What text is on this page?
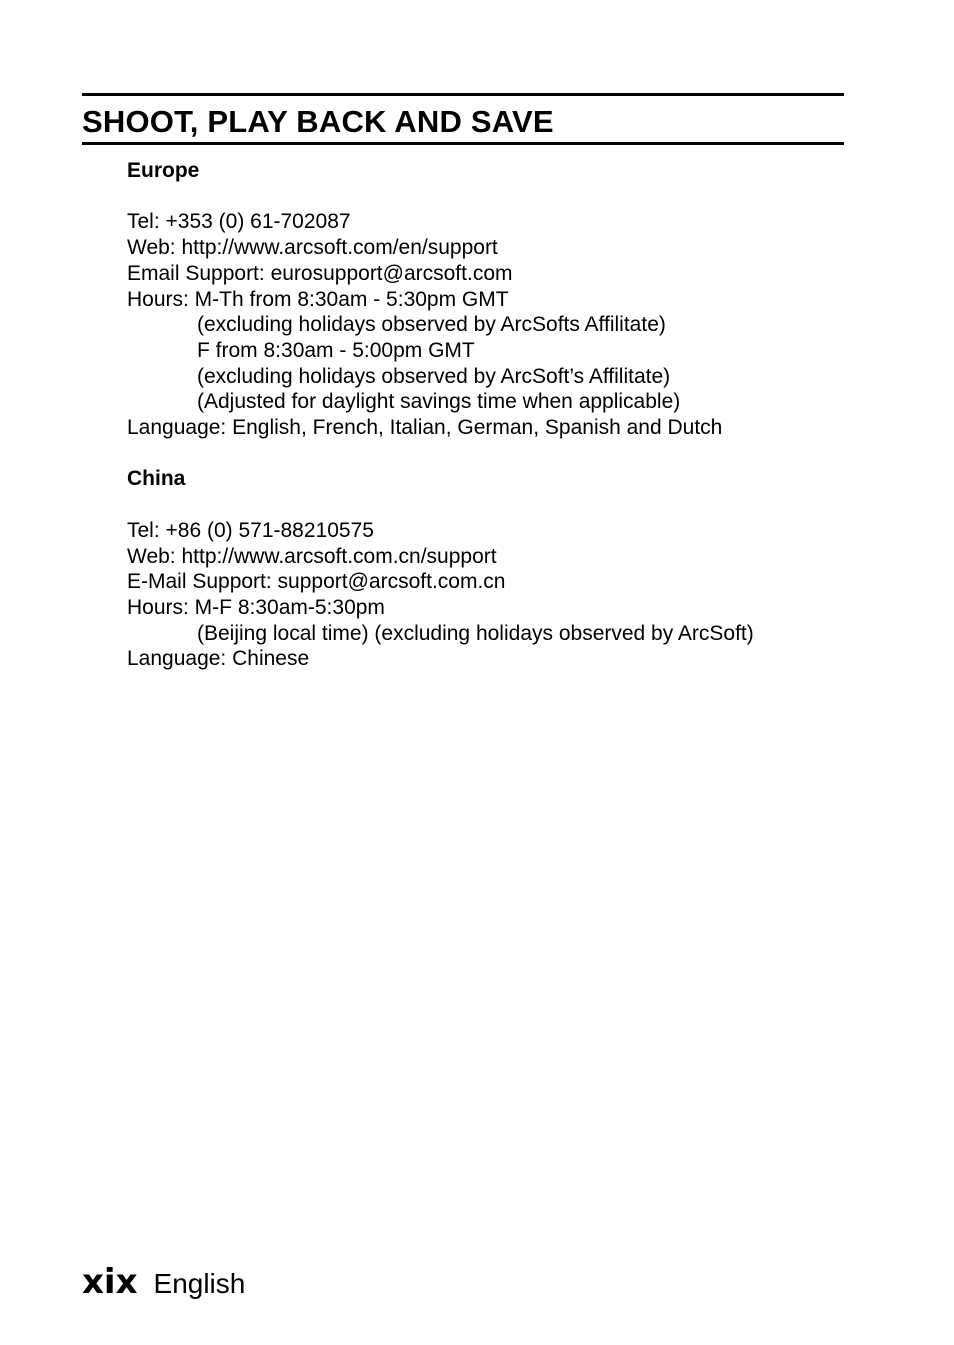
SHOOT, PLAY BACK AND SAVE
Europe
Tel: +353 (0) 61-702087
Web: http://www.arcsoft.com/en/support
Email Support: eurosupport@arcsoft.com
Hours: M-Th from 8:30am - 5:30pm GMT
(excluding holidays observed by ArcSofts Affilitate)
F from 8:30am - 5:00pm GMT
(excluding holidays observed by ArcSoft’s Affilitate)
(Adjusted for daylight savings time when applicable)
Language: English, French, Italian, German, Spanish and Dutch
China
Tel: +86 (0) 571-88210575
Web: http://www.arcsoft.com.cn/support
E-Mail Support: support@arcsoft.com.cn
Hours: M-F 8:30am-5:30pm
(Beijing local time) (excluding holidays observed by ArcSoft)
Language: Chinese
xix English
